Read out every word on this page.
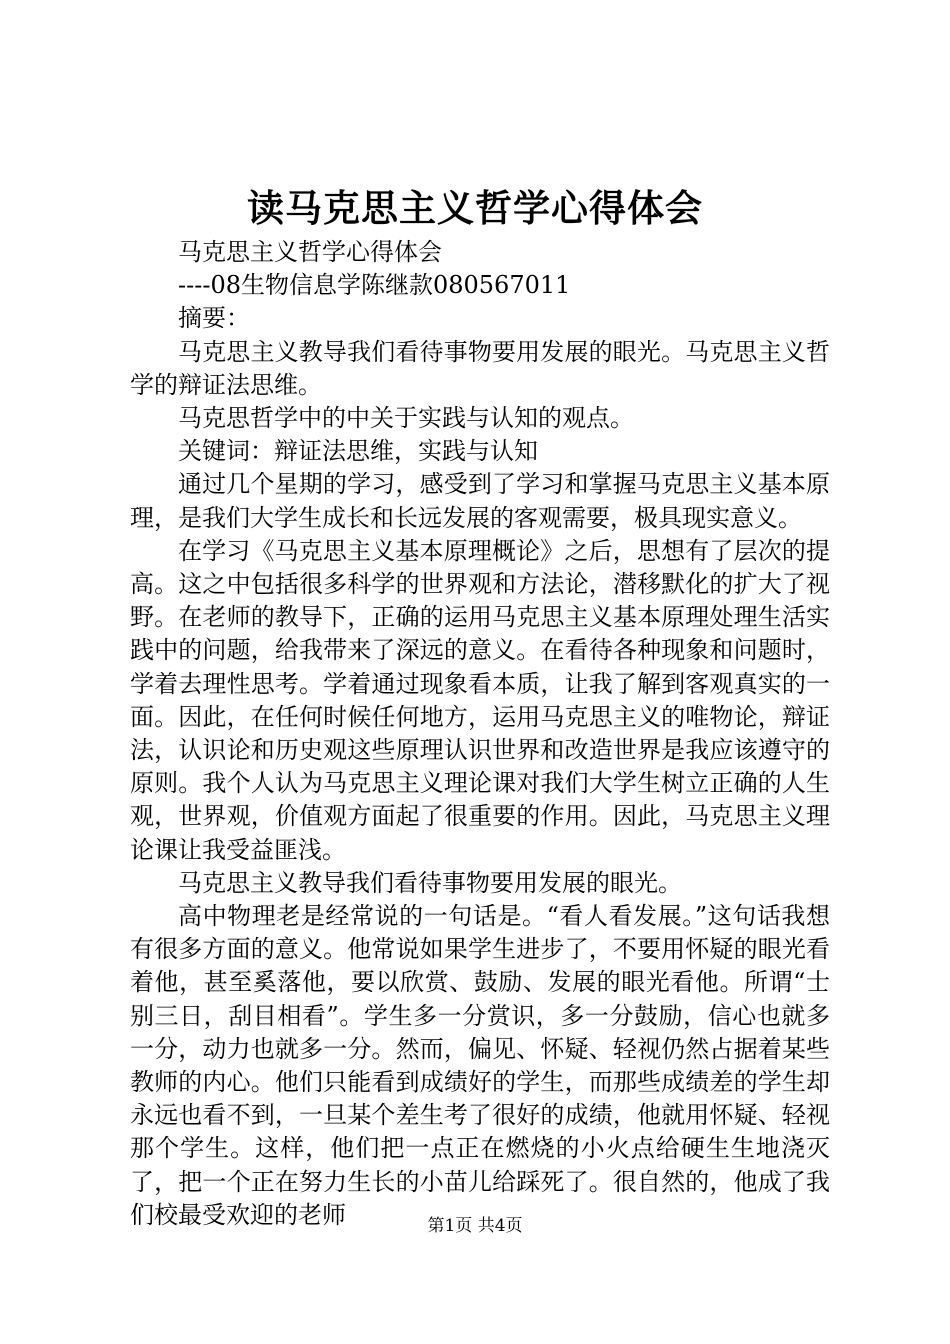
读马克思主义哲学心得体会

马克思主义哲学心得体会

----08生物信息学陈继款080567011

摘要：

马克思主义教导我们看待事物要用发展的眼光。马克思主义哲学的辩证法思维。

马克思哲学中的中关于实践与认知的观点。

关键词：辩证法思维，实践与认知

通过几个星期的学习，感受到了学习和掌握马克思主义基本原理，是我们大学生成长和长远发展的客观需要，极具现实意义。

在学习《马克思主义基本原理概论》之后，思想有了层次的提高。这之中包括很多科学的世界观和方法论，潜移默化的扩大了视野。在老师的教导下，正确的运用马克思主义基本原理处理生活实践中的问题，给我带来了深远的意义。在看待各种现象和问题时，学着去理性思考。学着通过现象看本质，让我了解到客观真实的一面。因此，在任何时候任何地方，运用马克思主义的唯物论，辩证法，认识论和历史观这些原理认识世界和改造世界是我应该遵守的原则。我个人认为马克思主义理论课对我们大学生树立正确的人生观，世界观，价值观方面起了很重要的作用。因此，马克思主义理论课让我受益匪浅。

马克思主义教导我们看待事物要用发展的眼光。

高中物理老是经常说的一句话是。“看人看发展。”这句话我想有很多方面的意义。他常说如果学生进步了，不要用怀疑的眼光看着他，甚至奚落他，要以欣赏、鼓励、发展的眼光看他。所谓“士别三日，刮目相看”。学生多一分赏识，多一分鼓励，信心也就多一分，动力也就多一分。然而，偏见、怀疑、轻视仍然占据着某些教师的内心。他们只能看到成绩好的学生，而那些成绩差的学生却永远也看不到，一旦某个差生考了很好的成绩，他就用怀疑、轻视那个学生。这样，他们把一点正在燃烧的小火点给硬生生地浇灭了，把一个正在努力生长的小苗儿给踩死了。很自然的，他成了我们校最受欢迎的老师	第1页 共4页
